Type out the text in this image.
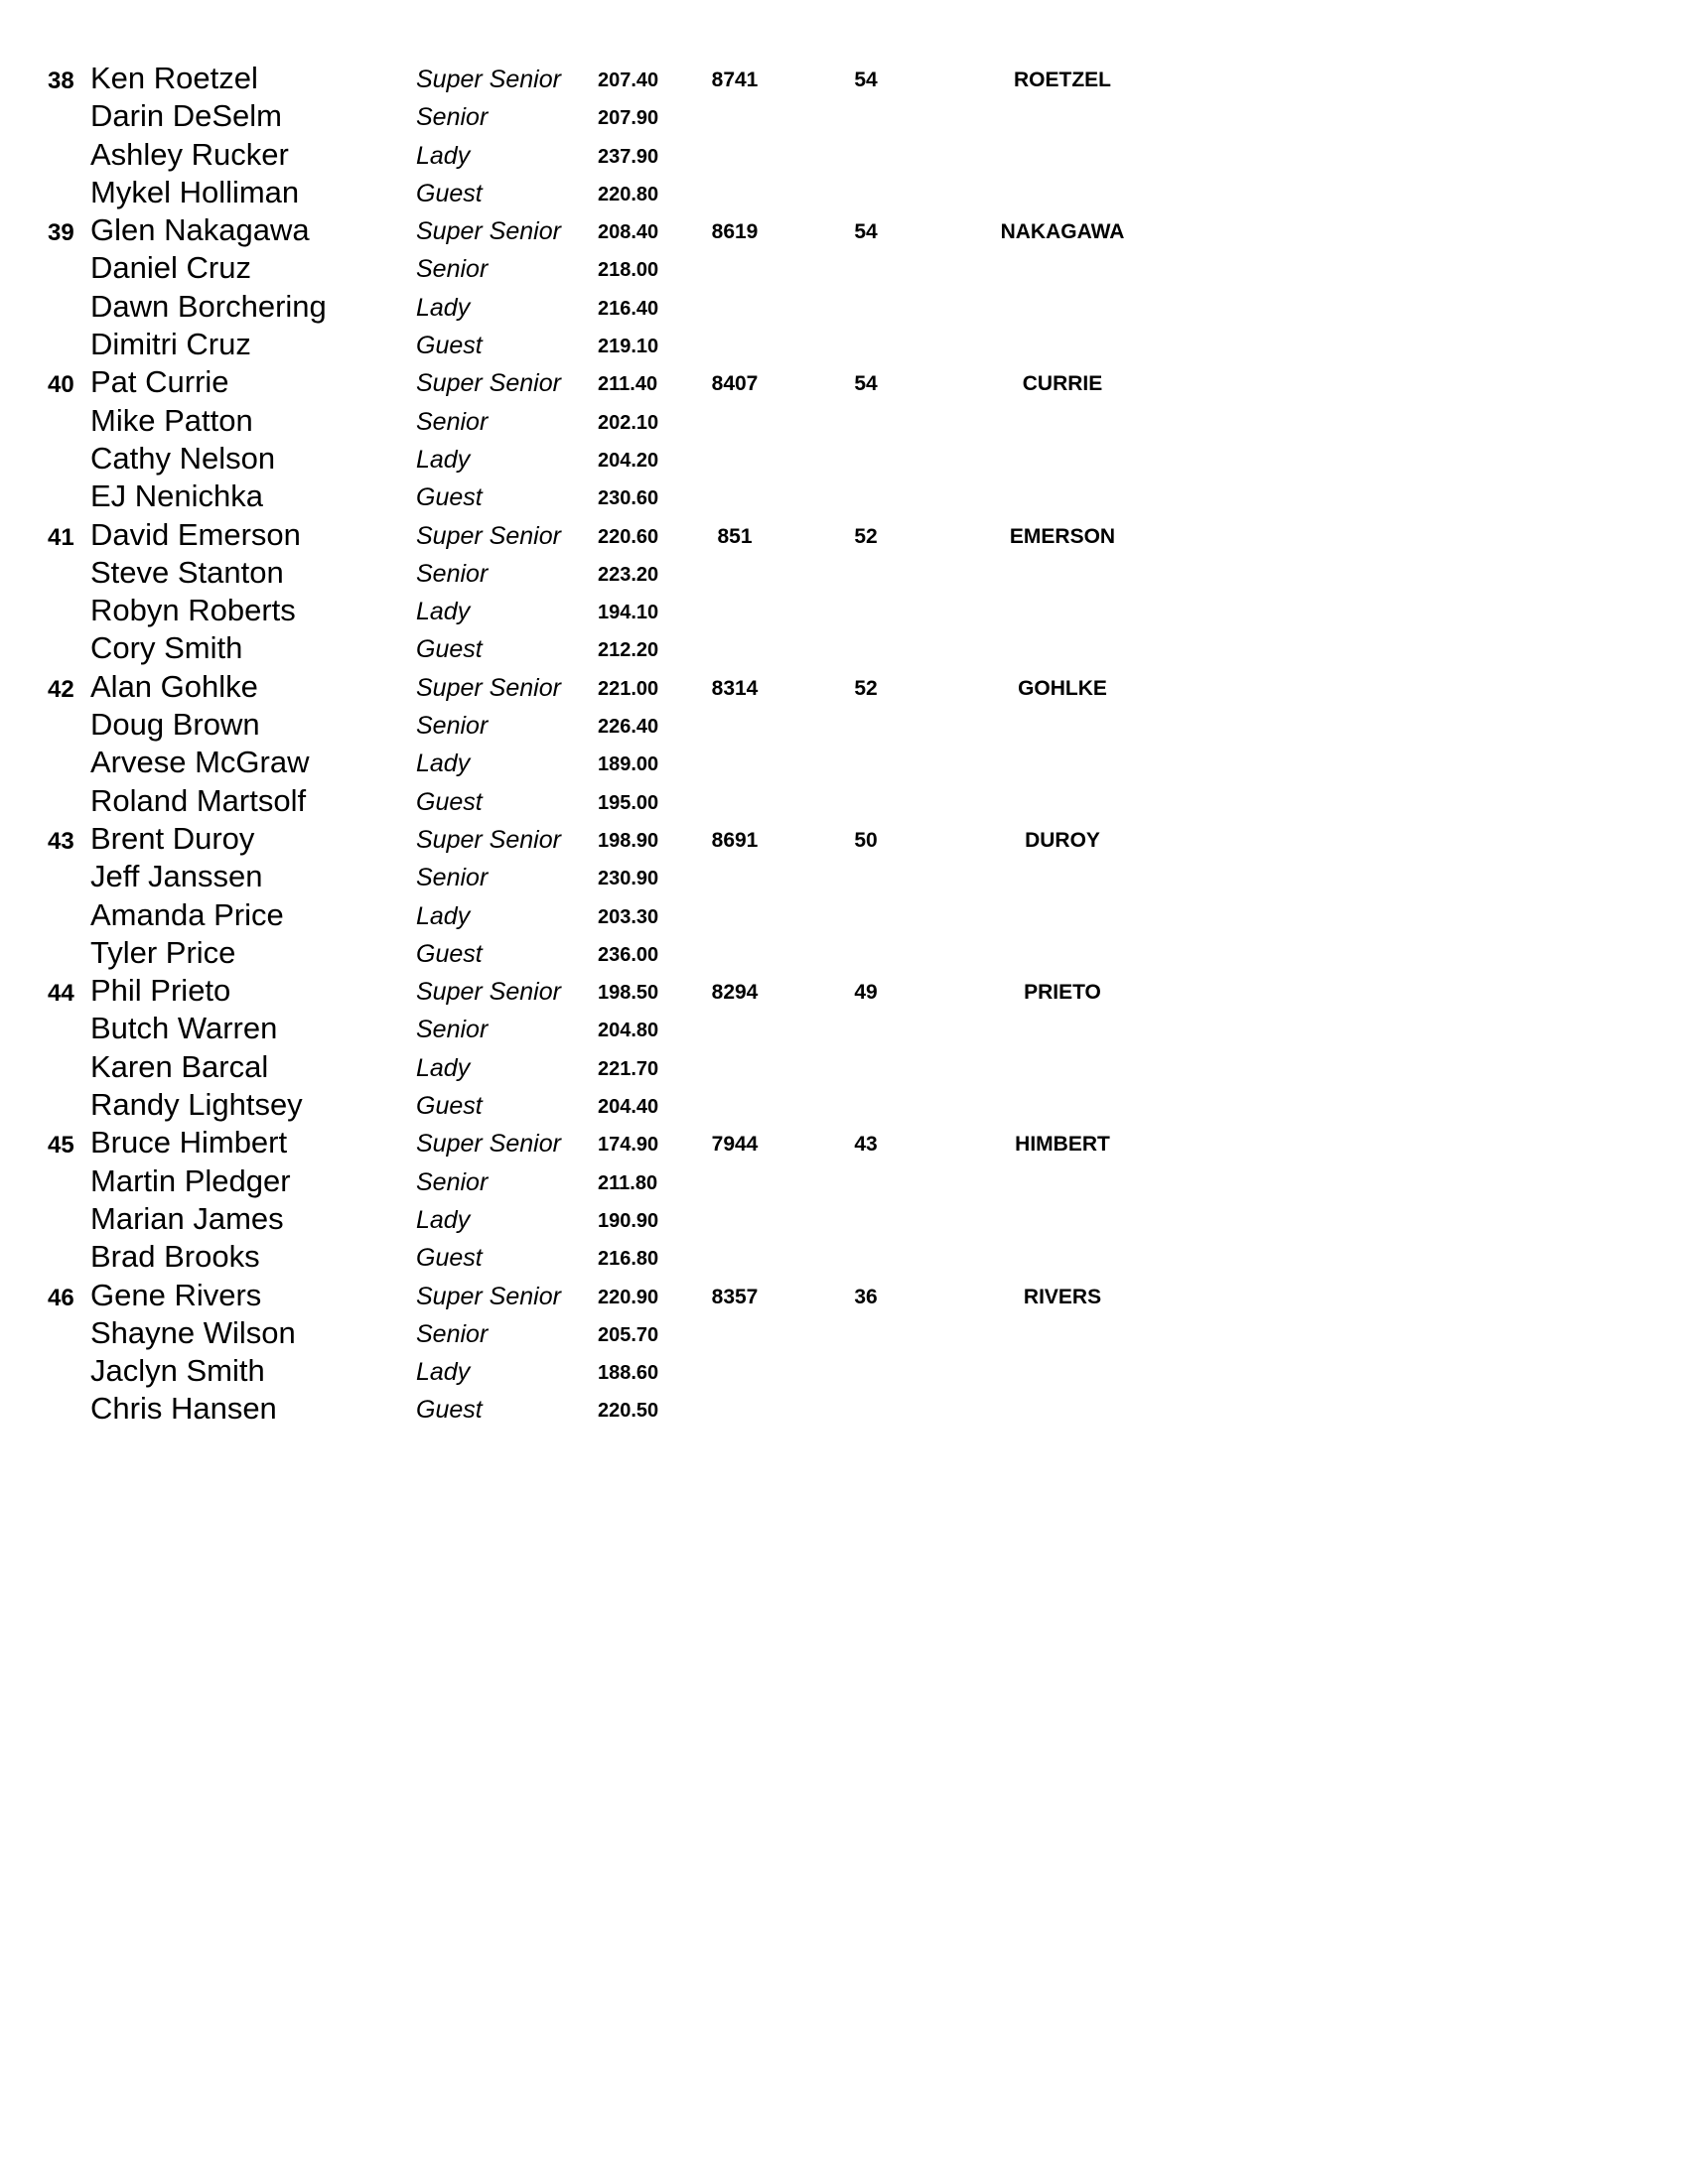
38 Ken Roetzel	Super Senior 207.40	8741	54	ROETZEL
Darin DeSelm	Senior	207.90
Ashley Rucker	Lady	237.90
Mykel Holliman	Guest	220.80
39 Glen Nakagawa	Super Senior 208.40	8619	54	NAKAGAWA
Daniel Cruz	Senior	218.00
Dawn Borchering	Lady	216.40
Dimitri Cruz	Guest	219.10
40 Pat Currie	Super Senior 211.40	8407	54	CURRIE
Mike Patton	Senior	202.10
Cathy Nelson	Lady	204.20
EJ Nenichka	Guest	230.60
41 David Emerson	Super Senior 220.60	851	52	EMERSON
Steve Stanton	Senior	223.20
Robyn Roberts	Lady	194.10
Cory Smith	Guest	212.20
42 Alan Gohlke	Super Senior 221.00	8314	52	GOHLKE
Doug Brown	Senior	226.40
Arvese McGraw	Lady	189.00
Roland Martsolf	Guest	195.00
43 Brent Duroy	Super Senior 198.90	8691	50	DUROY
Jeff Janssen	Senior	230.90
Amanda Price	Lady	203.30
Tyler Price	Guest	236.00
44 Phil Prieto	Super Senior 198.50	8294	49	PRIETO
Butch Warren	Senior	204.80
Karen Barcal	Lady	221.70
Randy Lightsey	Guest	204.40
45 Bruce Himbert	Super Senior 174.90	7944	43	HIMBERT
Martin Pledger	Senior	211.80
Marian James	Lady	190.90
Brad Brooks	Guest	216.80
46 Gene Rivers	Super Senior 220.90	8357	36	RIVERS
Shayne Wilson	Senior	205.70
Jaclyn Smith	Lady	188.60
Chris Hansen	Guest	220.50
